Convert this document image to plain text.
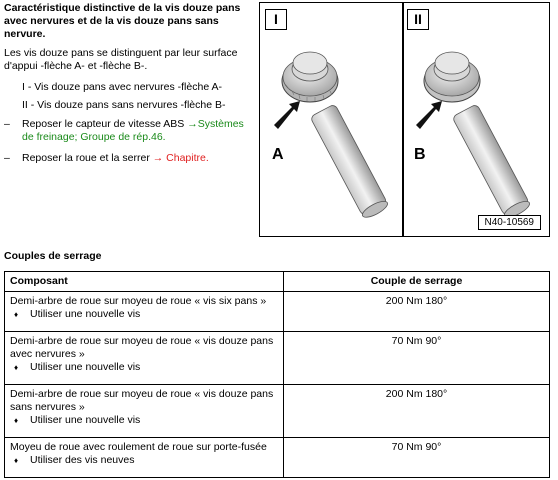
Caractéristique distinctive de la vis douze pans avec nervures et de la vis douze pans sans nervure.

Les vis douze pans se distinguent par leur surface d'appui -flèche A- et -flèche B-.

I - Vis douze pans avec nervures -flèche A-

II - Vis douze pans sans nervures -flèche B-

–	Reposer le capteur de vitesse ABS →Systèmes de freinage; Groupe de rép.46.
–	Reposer la roue et la serrer → Chapitre.
I	II
A	B
N40-10569
Couples de serrage
Composant	Couple de serrage

Demi-arbre de roue sur moyeu de roue « vis six pans »
♦ Utiliser une nouvelle vis	200 Nm 180°

Demi-arbre de roue sur moyeu de roue « vis douze pans avec nervures »
♦ Utiliser une nouvelle vis	70 Nm 90°

Demi-arbre de roue sur moyeu de roue « vis douze pans sans nervures »
♦ Utiliser une nouvelle vis	200 Nm 180°

Moyeu de roue avec roulement de roue sur porte-fusée
♦ Utiliser des vis neuves	70 Nm 90°
